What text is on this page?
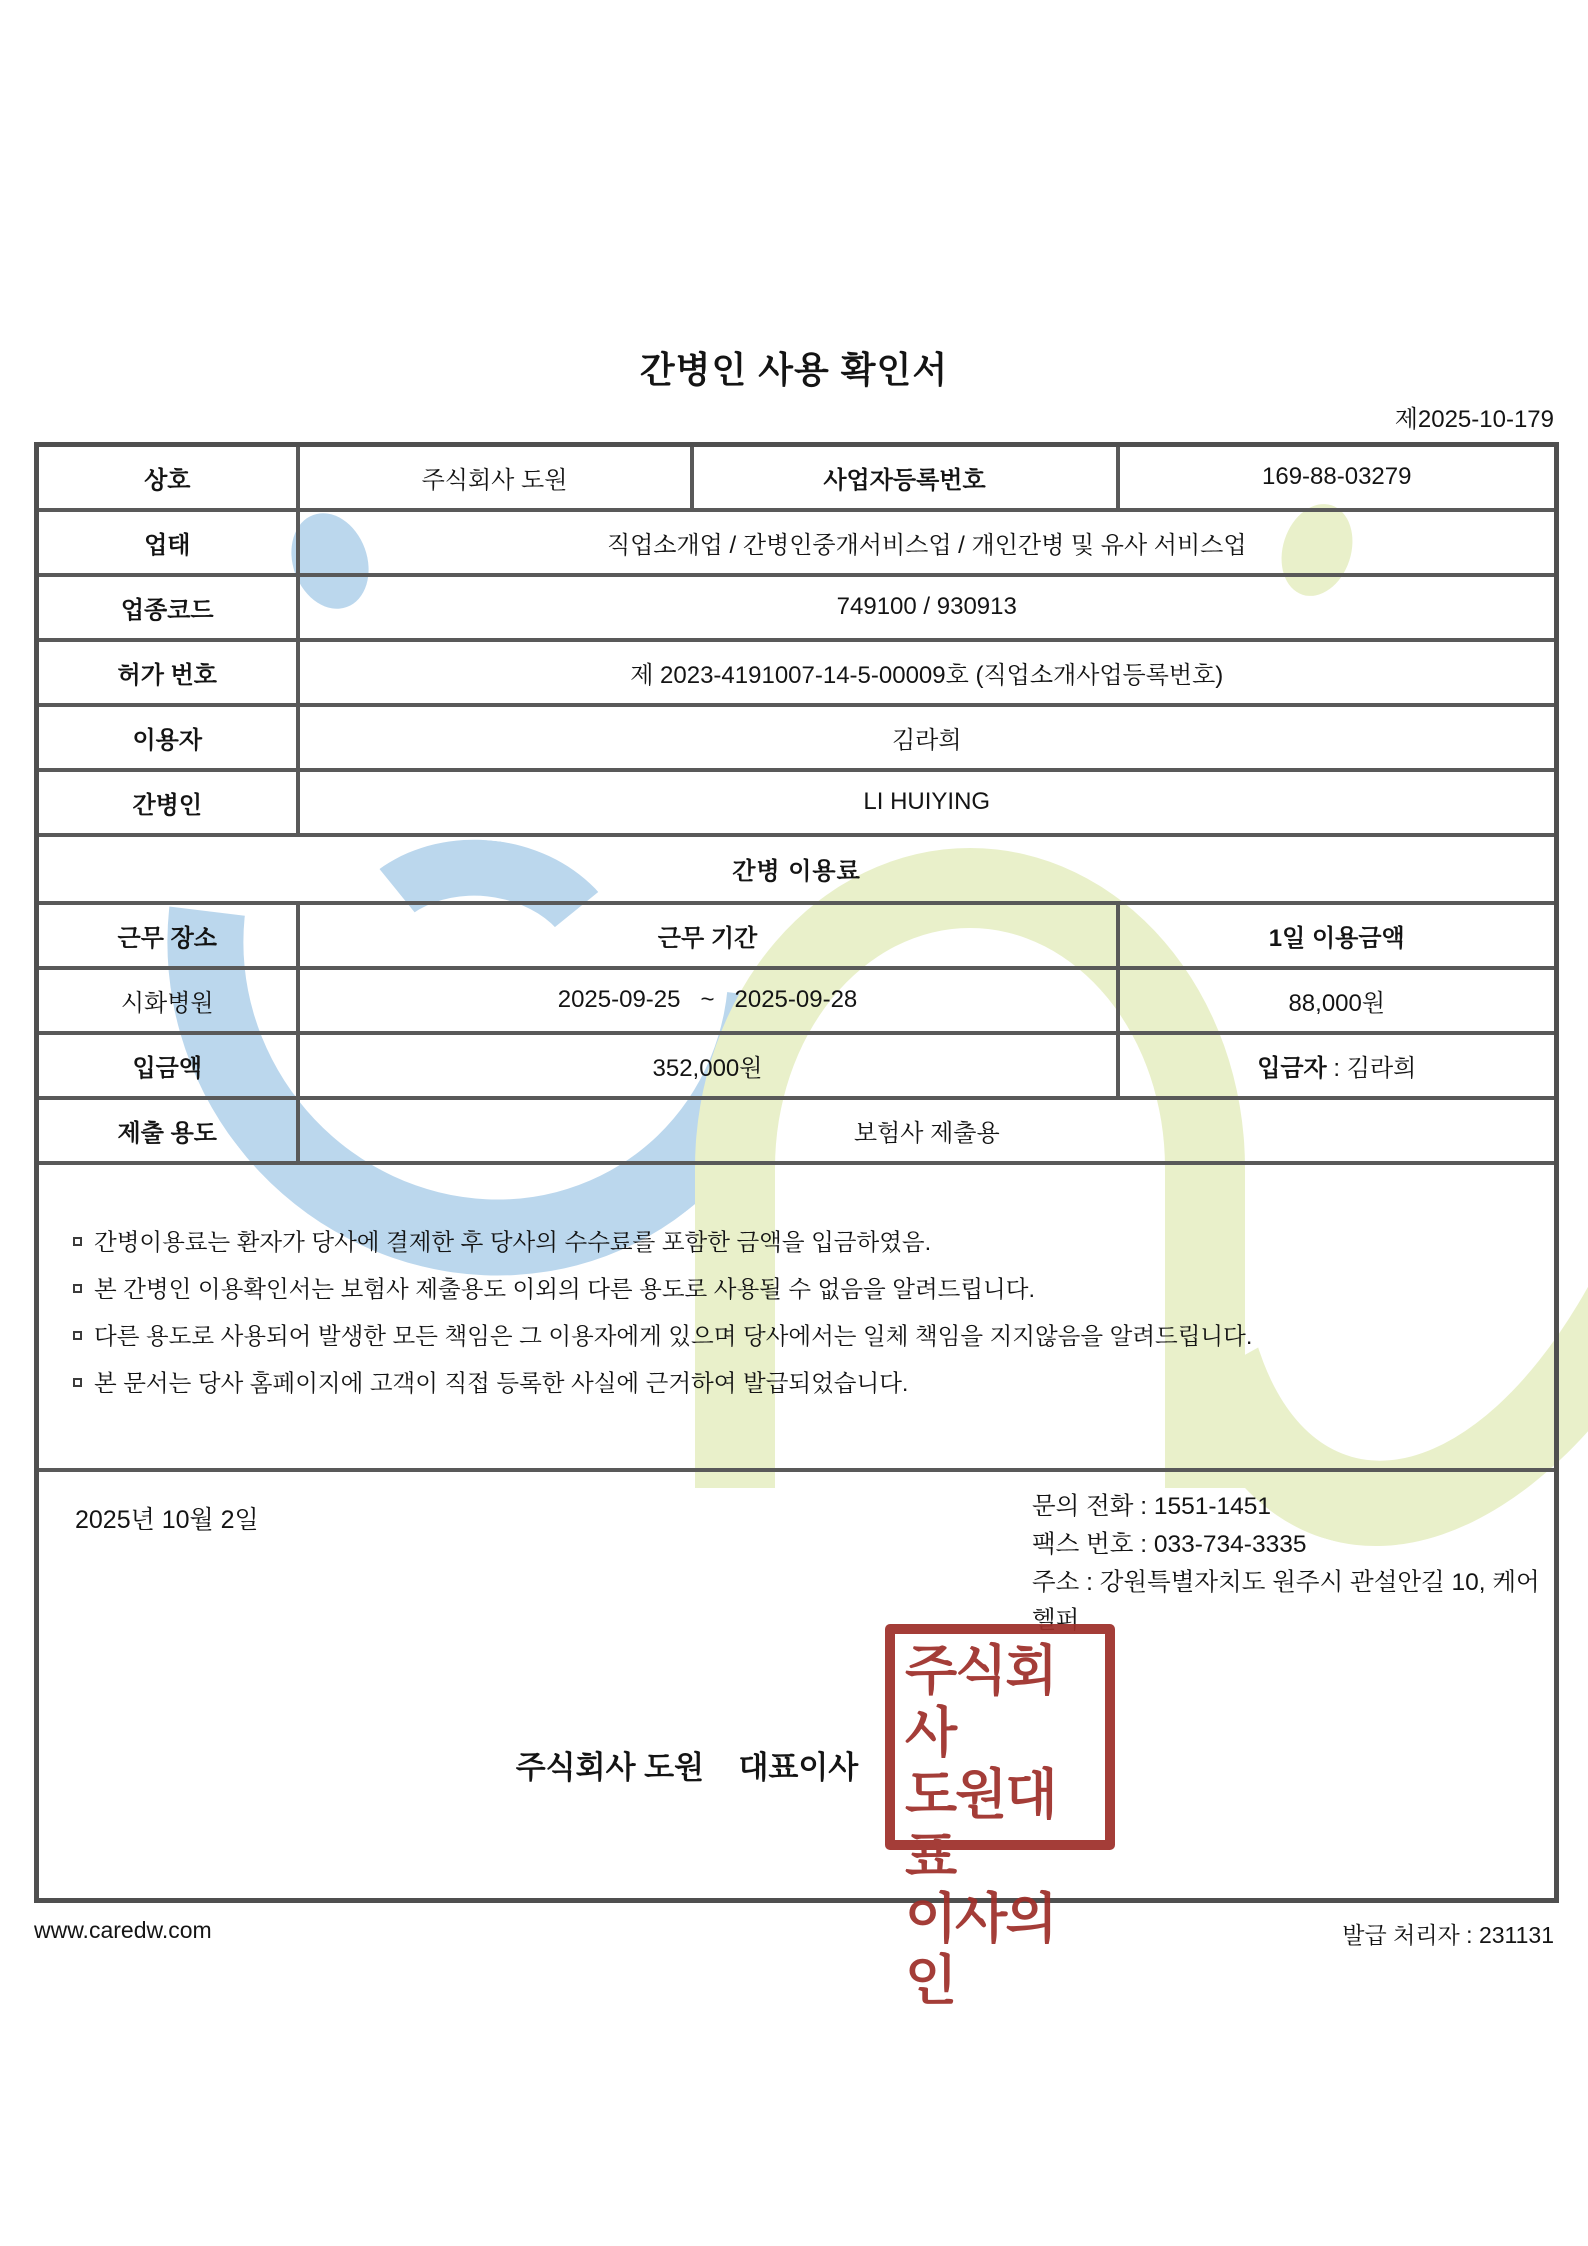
간병인 사용 확인서
제2025-10-179
상호	주식회사 도원	사업자등록번호	169-88-03279
업태	직업소개업 / 간병인중개서비스업 / 개인간병 및 유사 서비스업		
업종코드	749100 / 930913		
허가 번호	제 2023-4191007-14-5-00009호 (직업소개사업등록번호)		
이용자	김라희		
간병인	LI HUIYING		
간병 이용료			
근무 장소	근무 기간		1일 이용금액
시화병원	2025-09-25   ~   2025-09-28		88,000원
입금액	352,000원		입금자 : 김라희
제출 용도	보험사 제출용		

간병이용료는 환자가 당사에 결제한 후 당사의 수수료를 포함한 금액을 입금하였음.
본 간병인 이용확인서는 보험사 제출용도 이외의 다른 용도로 사용될 수 없음을 알려드립니다.
다른 용도로 사용되어 발생한 모든 책임은 그 이용자에게 있으며 당사에서는 일체 책임을 지지않음을 알려드립니다.
본 문서는 당사 홈페이지에 고객이 직접 등록한 사실에 근거하여 발급되었습니다.			

2025년 10월 2일	문의 전화 : 1551-1451
팩스 번호 : 033-734-3335
주소 : 강원특별자치도 원주시 관설안길 10, 케어헬퍼
주식회사 도원    대표이사
주식회사
도원대표
이사의인
www.caredw.com	발급 처리자 : 231131
